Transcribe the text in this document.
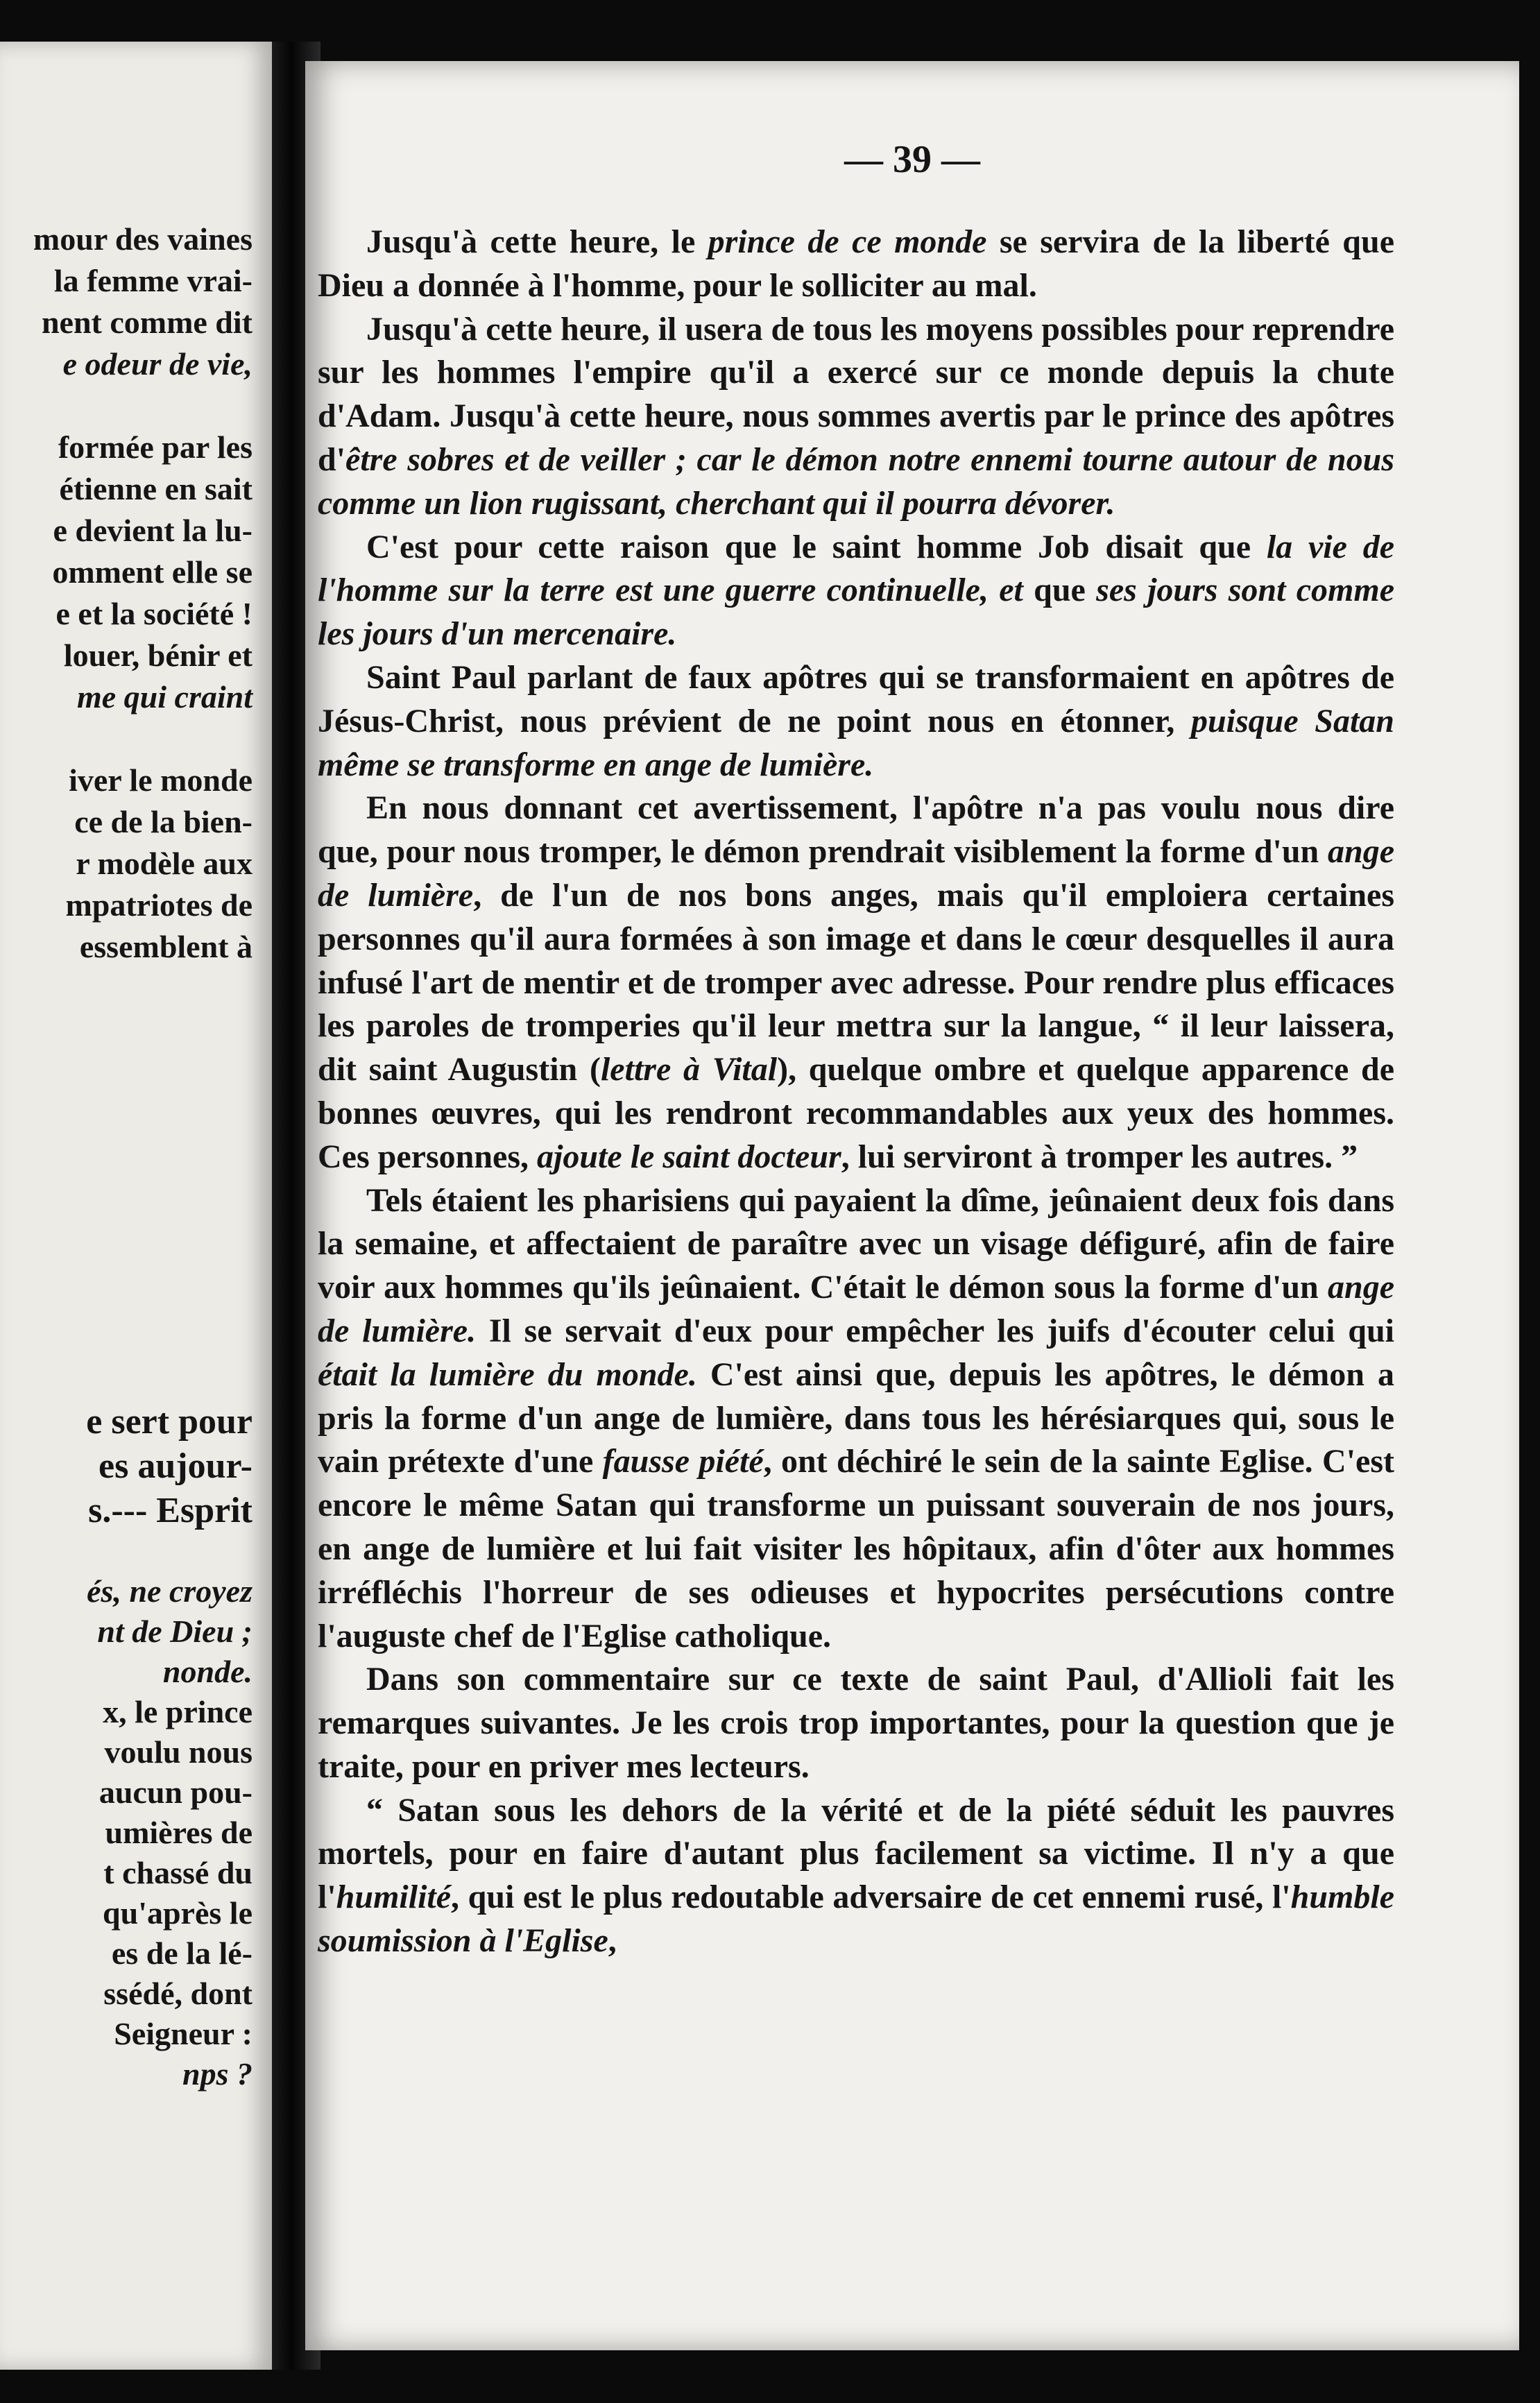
mour des vaines
la femme vrai-
nent comme dit
e odeur de vie,
formée par les
étienne en sait
e devient la lu-
omment elle se
e et la société !
louer, bénir et
me qui craint
iver le monde
ce de la bien-
r modèle aux
mpatriotes de
essemblent à
e sert pour
es aujour-
s.--- Esprit
és, ne croyez
nt de Dieu ;
nonde.
x, le prince
voulu nous
aucun pou-
umières de
t chassé du
qu'après le
es de la lé-
ssédé, dont
Seigneur :
nps ?
— 39 —

Jusqu'à cette heure, le prince de ce monde se servira de la liberté que Dieu a donnée à l'homme, pour le solliciter au mal.

Jusqu'à cette heure, il usera de tous les moyens possibles pour reprendre sur les hommes l'empire qu'il a exercé sur ce monde depuis la chute d'Adam. Jusqu'à cette heure, nous sommes avertis par le prince des apôtres d'être sobres et de veiller ; car le démon notre ennemi tourne autour de nous comme un lion rugissant, cherchant qui il pourra dévorer.

C'est pour cette raison que le saint homme Job disait que la vie de l'homme sur la terre est une guerre continuelle, et que ses jours sont comme les jours d'un mercenaire.

Saint Paul parlant de faux apôtres qui se transformaient en apôtres de Jésus-Christ, nous prévient de ne point nous en étonner, puisque Satan même se transforme en ange de lumière.

En nous donnant cet avertissement, l'apôtre n'a pas voulu nous dire que, pour nous tromper, le démon prendrait visiblement la forme d'un ange de lumière, de l'un de nos bons anges, mais qu'il emploiera certaines personnes qu'il aura formées à son image et dans le cœur desquelles il aura infusé l'art de mentir et de tromper avec adresse. Pour rendre plus efficaces les paroles de tromperies qu'il leur mettra sur la langue, “ il leur laissera, dit saint Augustin (lettre à Vital), quelque ombre et quelque apparence de bonnes œuvres, qui les rendront recommandables aux yeux des hommes. Ces personnes, ajoute le saint docteur, lui serviront à tromper les autres. ”

Tels étaient les pharisiens qui payaient la dîme, jeûnaient deux fois dans la semaine, et affectaient de paraître avec un visage défiguré, afin de faire voir aux hommes qu'ils jeûnaient. C'était le démon sous la forme d'un ange de lumière. Il se servait d'eux pour empêcher les juifs d'écouter celui qui était la lumière du monde. C'est ainsi que, depuis les apôtres, le démon a pris la forme d'un ange de lumière, dans tous les hérésiarques qui, sous le vain prétexte d'une fausse piété, ont déchiré le sein de la sainte Eglise. C'est encore le même Satan qui transforme un puissant souverain de nos jours, en ange de lumière et lui fait visiter les hôpitaux, afin d'ôter aux hommes irréfléchis l'horreur de ses odieuses et hypocrites persécutions contre l'auguste chef de l'Eglise catholique.

Dans son commentaire sur ce texte de saint Paul, d'Allioli fait les remarques suivantes. Je les crois trop importantes, pour la question que je traite, pour en priver mes lecteurs.

“ Satan sous les dehors de la vérité et de la piété séduit les pauvres mortels, pour en faire d'autant plus facilement sa victime. Il n'y a que l'humilité, qui est le plus redoutable adversaire de cet ennemi rusé, l'humble soumission à l'Eglise,
